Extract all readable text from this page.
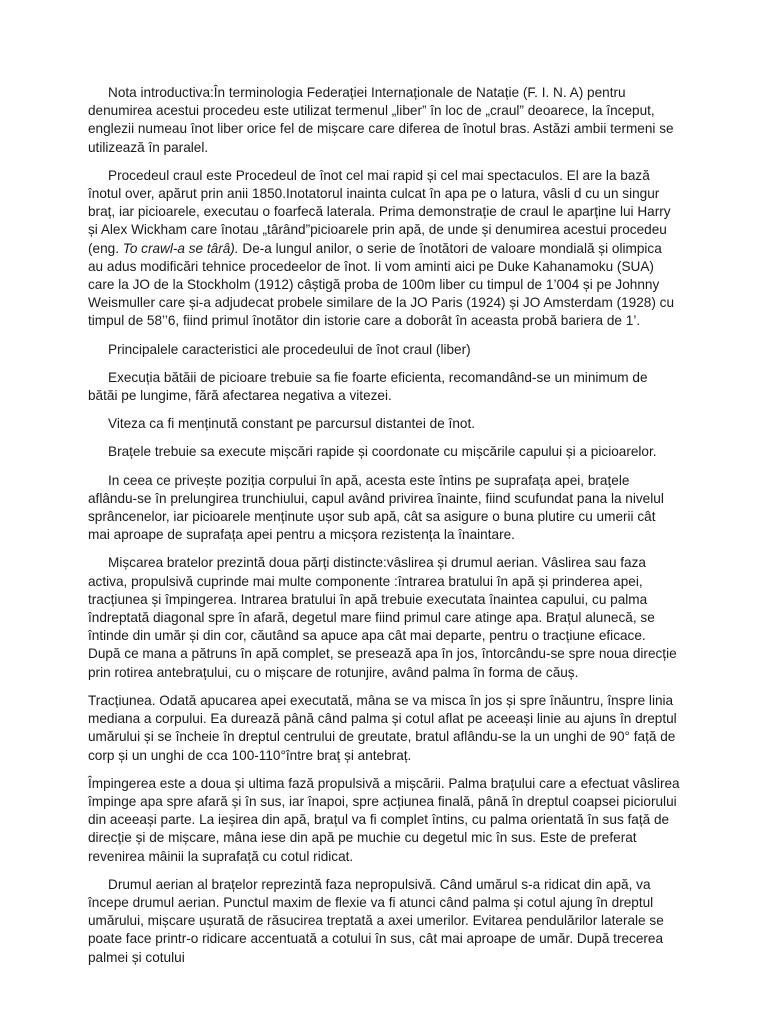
Nota introductiva:În terminologia Federației Internaționale de Natație (F. I. N. A) pentru denumirea acestui procedeu este utilizat termenul „liber” în loc de „craul” deoarece, la început, englezii numeau înot liber orice fel de mișcare care diferea de înotul bras. Astăzi ambii termeni se utilizează în paralel.

Procedeul craul este Procedeul de înot cel mai rapid și cel mai spectaculos. El are la bază înotul over, apărut prin anii 1850.Inotatorul inainta culcat în apa pe o latura, vâsli d cu un singur braț, iar picioarele, executau o foarfecă laterala. Prima demonstrație de craul le aparține lui Harry și Alex Wickham care înotau „târând”picioarele prin apă, de unde și denumirea acestui procedeu (eng. To crawl-a se târâ). De-a lungul anilor, o serie de înotători de valoare mondială și olimpica au adus modificări tehnice procedeelor de înot. Ii vom aminti aici pe Duke Kahanamoku (SUA) care la JO de la Stockholm (1912) câștigă proba de 100m liber cu timpul de 1’004 și pe Johnny Weismuller care și-a adjudecat probele similare de la JO Paris (1924) și JO Amsterdam (1928) cu timpul de 58’’6, fiind primul înotător din istorie care a doborât în aceasta probă bariera de 1’.

Principalele caracteristici ale procedeului de înot craul (liber)

Execuția bătăii de picioare trebuie sa fie foarte eficienta, recomandând-se un minimum de bătăi pe lungime, fără afectarea negativa a vitezei.

Viteza ca fi menținută constant pe parcursul distantei de înot.

Brațele trebuie sa execute mișcări rapide și coordonate cu mișcările capului și a picioarelor.

In ceea ce privește poziția corpului în apă, acesta este întins pe suprafața apei, brațele aflându-se în prelungirea trunchiului, capul având privirea înainte, fiind scufundat pana la nivelul sprâncenelor, iar picioarele menținute ușor sub apă, cât sa asigure o buna plutire cu umerii cât mai aproape de suprafața apei pentru a micșora rezistența la înaintare.

Mișcarea bratelor prezintă doua părți distincte:vâslirea și drumul aerian. Vâslirea sau faza activa, propulsivă cuprinde mai multe componente :întrarea bratului în apă și prinderea apei, tracțiunea și împingerea. Intrarea bratului în apă trebuie executata înaintea capului, cu palma îndreptată diagonal spre în afară, degetul mare fiind primul care atinge apa. Brațul alunecă, se întinde din umăr și din cor, căutând sa apuce apa cât mai departe, pentru o tracțiune eficace. După ce mana a pătruns în apă complet, se presează apa în jos, întorcându-se spre noua direcție prin rotirea antebrațului, cu o mișcare de rotunjire, având palma în forma de căuș.

Tracțiunea. Odată apucarea apei executată, mâna se va misca în jos și spre înăuntru, înspre linia mediana a corpului. Ea durează până când palma și cotul aflat pe aceeași linie au ajuns în dreptul umărului și se încheie în dreptul centrului de greutate, bratul aflându-se la un unghi de 90° față de corp și un unghi de cca 100-110°între braț și antebraț.

Împingerea este a doua și ultima fază propulsivă a mișcării. Palma brațului care a efectuat vâslirea împinge apa spre afară și în sus, iar înapoi, spre acțiunea finală, până în dreptul coapsei piciorului din aceeași parte. La ieșirea din apă, brațul va fi complet întins, cu palma orientată în sus față de direcție și de mișcare, mâna iese din apă pe muchie cu degetul mic în sus. Este de preferat revenirea mâinii la suprafață cu cotul ridicat.

Drumul aerian al brațelor reprezintă faza nepropulsivă. Când umărul s-a ridicat din apă, va începe drumul aerian. Punctul maxim de flexie va fi atunci când palma și cotul ajung în dreptul umărului, mișcare ușurată de răsucirea treptată a axei umerilor. Evitarea pendulărilor laterale se poate face printr-o ridicare accentuată a cotului în sus, cât mai aproape de umăr. După trecerea palmei și cotului
